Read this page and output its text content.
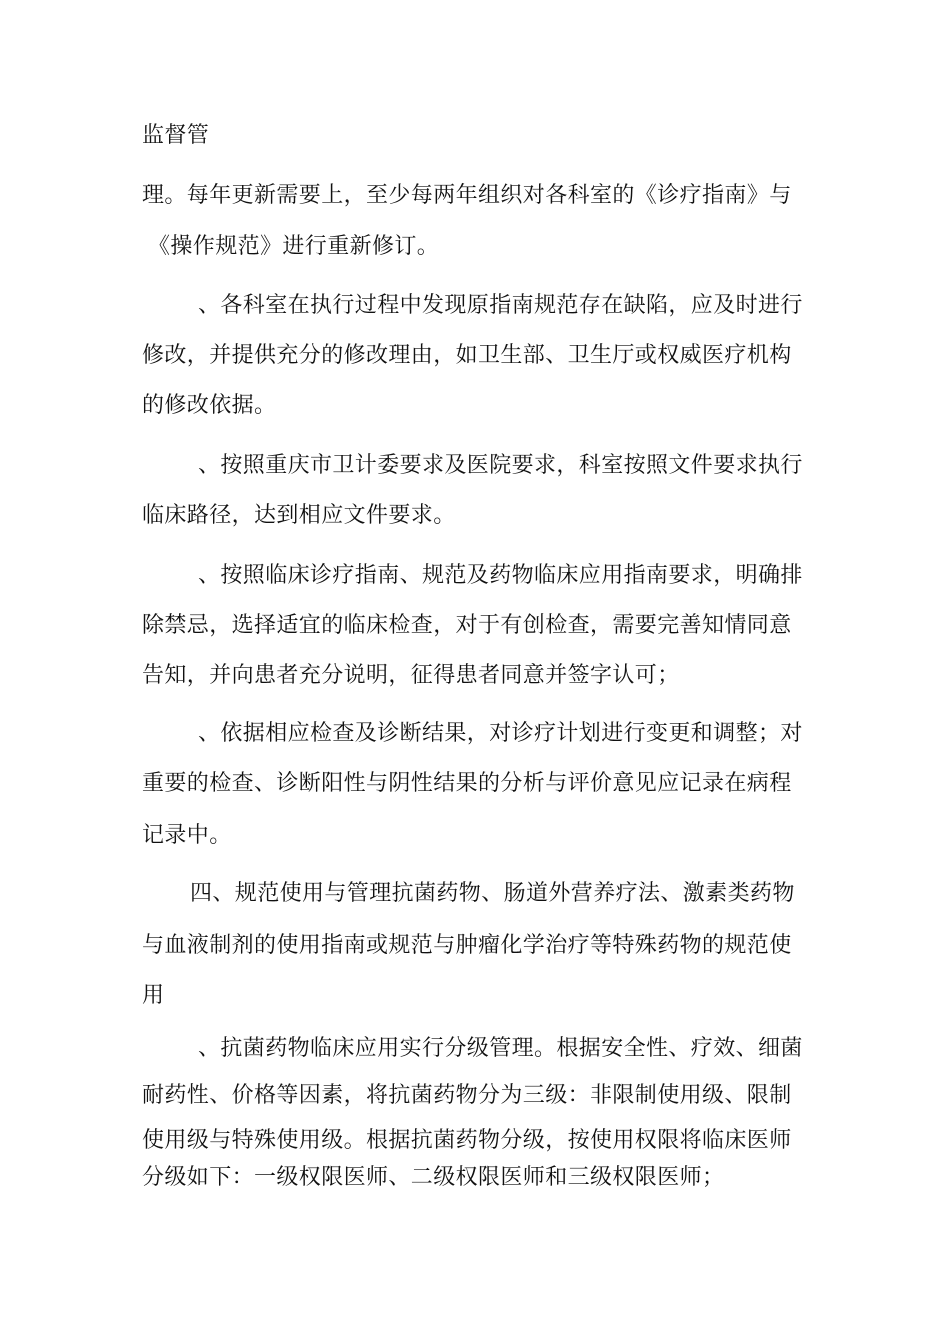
监督管
理。每年更新需要上，至少每两年组织对各科室的《诊疗指南》与
《操作规范》进行重新修订。
、各科室在执行过程中发现原指南规范存在缺陷，应及时进行
修改，并提供充分的修改理由，如卫生部、卫生厅或权威医疗机构
的修改依据。
、按照重庆市卫计委要求及医院要求，科室按照文件要求执行
临床路径，达到相应文件要求。
、按照临床诊疗指南、规范及药物临床应用指南要求，明确排
除禁忌，选择适宜的临床检查，对于有创检查，需要完善知情同意
告知，并向患者充分说明，征得患者同意并签字认可；
、依据相应检查及诊断结果，对诊疗计划进行变更和调整；对
重要的检查、诊断阳性与阴性结果的分析与评价意见应记录在病程
记录中。
四、规范使用与管理抗菌药物、肠道外营养疗法、激素类药物
与血液制剂的使用指南或规范与肿瘤化学治疗等特殊药物的规范使
用
、抗菌药物临床应用实行分级管理。根据安全性、疗效、细菌
耐药性、价格等因素，将抗菌药物分为三级：非限制使用级、限制
使用级与特殊使用级。根据抗菌药物分级，按使用权限将临床医师
分级如下：一级权限医师、二级权限医师和三级权限医师；
